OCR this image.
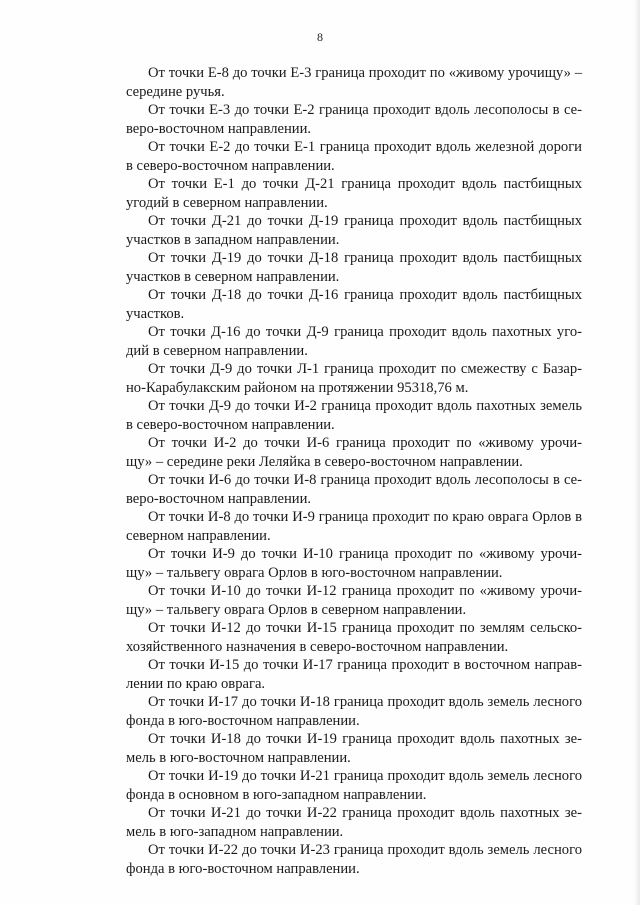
8

От точки Е-8 до точки Е-3 граница проходит по «живому урочищу» –
середине ручья.

От точки Е-3 до точки Е-2 граница проходит вдоль лесополосы в се-
веро-восточном направлении.

От точки Е-2 до точки Е-1 граница проходит вдоль железной дороги
в северо-восточном направлении.

От точки Е-1 до точки Д-21 граница проходит вдоль пастбищных
угодий в северном направлении.

От точки Д-21 до точки Д-19 граница проходит вдоль пастбищных
участков в западном направлении.

От точки Д-19 до точки Д-18 граница проходит вдоль пастбищных
участков в северном направлении.

От точки Д-18 до точки Д-16 граница проходит вдоль пастбищных
участков.

От точки Д-16 до точки Д-9 граница проходит вдоль пахотных уго-
дий в северном направлении.

От точки Д-9 до точки Л-1 граница проходит по смежеству с Базар-
но-Карабулакским районом на протяжении 95318,76 м.

От точки Д-9 до точки И-2 граница проходит вдоль пахотных земель
в северо-восточном направлении.

От точки И-2 до точки И-6 граница проходит по «живому урочи-
щу» – середине реки Леляйка в северо-восточном направлении.

От точки И-6 до точки И-8 граница проходит вдоль лесополосы в се-
веро-восточном направлении.

От точки И-8 до точки И-9 граница проходит по краю оврага Орлов в
северном направлении.

От точки И-9 до точки И-10 граница проходит по «живому урочи-
щу» – тальвегу оврага Орлов в юго-восточном направлении.

От точки И-10 до точки И-12 граница проходит по «живому урочи-
щу» – тальвегу оврага Орлов в северном направлении.

От точки И-12 до точки И-15 граница проходит по землям сельско-
хозяйственного назначения в северо-восточном направлении.

От точки И-15 до точки И-17 граница проходит в восточном направ-
лении по краю оврага.

От точки И-17 до точки И-18 граница проходит вдоль земель лесного
фонда в юго-восточном направлении.

От точки И-18 до точки И-19 граница проходит вдоль пахотных зе-
мель в юго-восточном направлении.

От точки И-19 до точки И-21 граница проходит вдоль земель лесного
фонда в основном в юго-западном направлении.

От точки И-21 до точки И-22 граница проходит вдоль пахотных зе-
мель в юго-западном направлении.

От точки И-22 до точки И-23 граница проходит вдоль земель лесного
фонда в юго-восточном направлении.
